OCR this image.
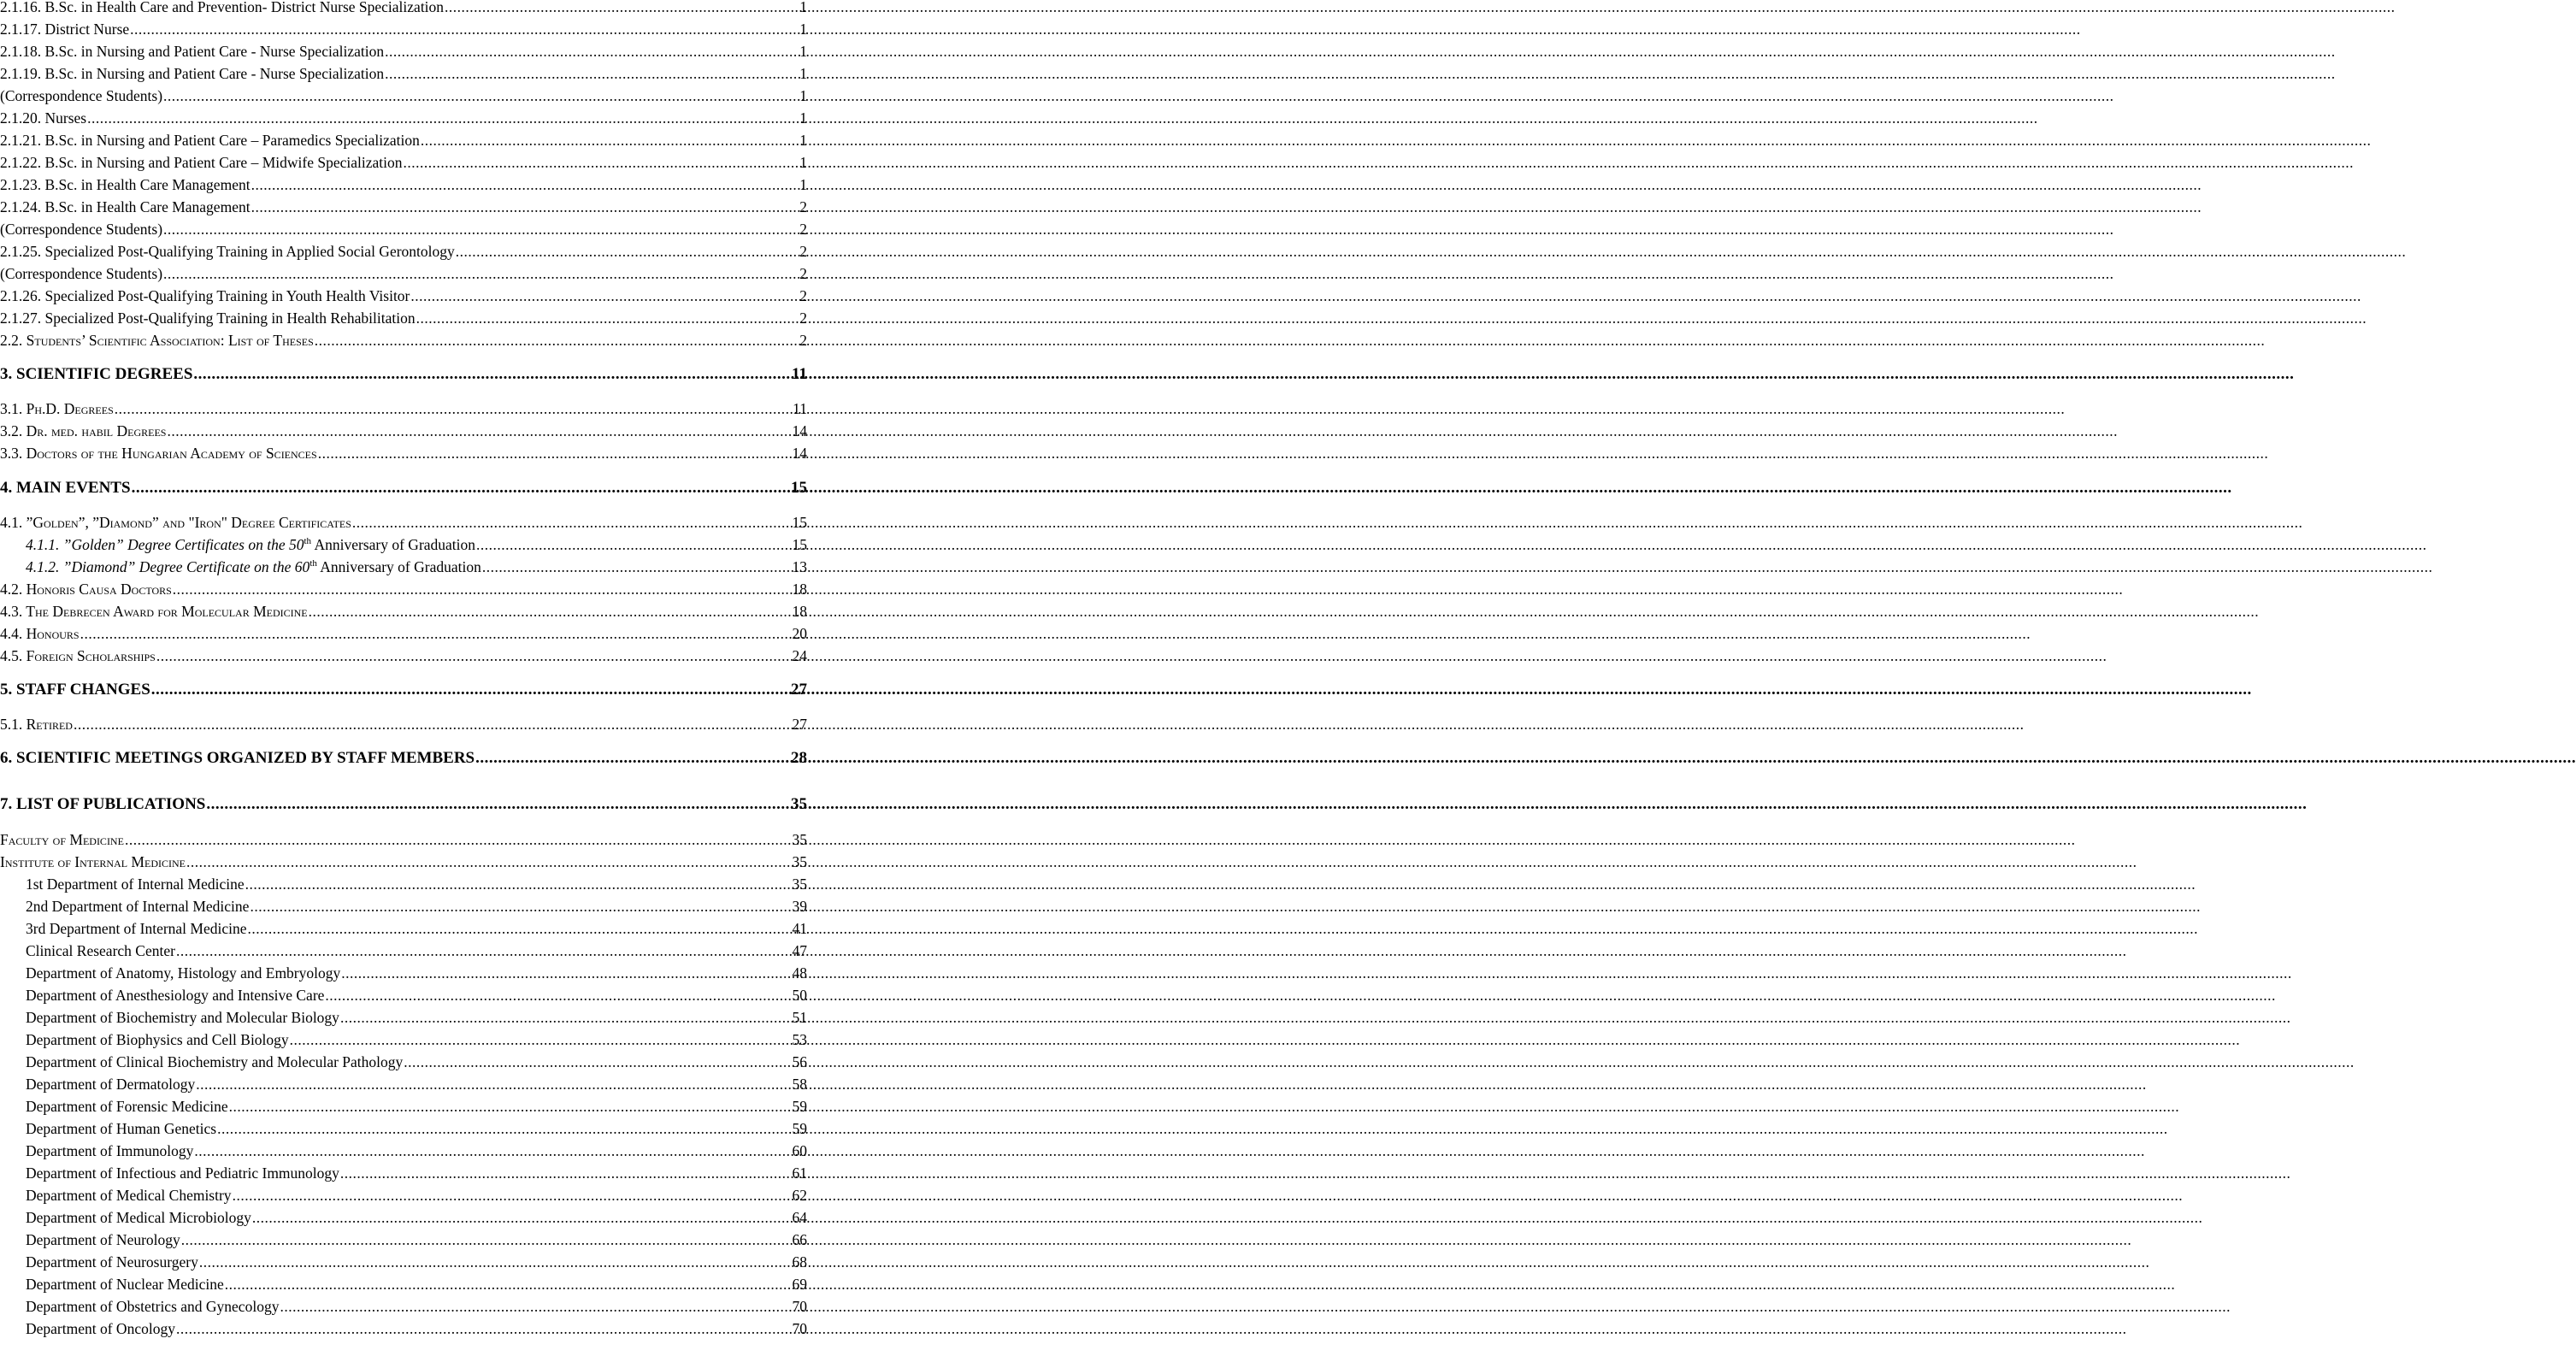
2.1.16. B.Sc. in Health Care and Prevention- District Nurse Specialization .....	1
2.1.17. District Nurse .....	1
2.1.18. B.Sc. in Nursing and Patient Care - Nurse Specialization .....	1
2.1.19. B.Sc. in Nursing and Patient Care - Nurse Specialization .....	1
(Correspondence Students) .....	1
2.1.20. Nurses .....	1
2.1.21. B.Sc. in Nursing and Patient Care – Paramedics Specialization .....	1
2.1.22. B.Sc. in Nursing and Patient Care – Midwife Specialization .....	1
2.1.23. B.Sc. in Health Care Management .....	1
2.1.24. B.Sc. in Health Care Management .....	2
(Correspondence Students) .....	2
2.1.25. Specialized Post-Qualifying Training in Applied Social Gerontology .....	2
(Correspondence Students) .....	2
2.1.26. Specialized Post-Qualifying Training in Youth Health Visitor .....	2
2.1.27. Specialized Post-Qualifying Training in Health Rehabilitation .....	2
2.2. Students’ Scientific Association: List of Theses .....	2
3. SCIENTIFIC DEGREES .....	11
3.1. Ph.D. Degrees .....	11
3.2. Dr. med. habil Degrees .....	14
3.3. Doctors of the Hungarian Academy of Sciences .....	14
4. MAIN EVENTS .....	15
4.1. ”Golden”, ”Diamond” and "Iron" Degree Certificates .....	15
4.1.1. ”Golden” Degree Certificates on the 50th Anniversary of Graduation .....	15
4.1.2. ”Diamond” Degree Certificate on the 60th Anniversary of Graduation .....	13
4.2. Honoris Causa Doctors .....	18
4.3. The Debrecen Award for Molecular Medicine .....	18
4.4. Honours .....	20
4.5. Foreign Scholarships .....	24
5. STAFF CHANGES .....	27
5.1. Retired .....	27
6. SCIENTIFIC MEETINGS ORGANIZED BY STAFF MEMBERS .....	28
7. LIST OF PUBLICATIONS .....	35
Faculty of Medicine .....	35
Institute of Internal Medicine .....	35
1st Department of Internal Medicine .....	35
2nd Department of Internal Medicine .....	39
3rd Department of Internal Medicine .....	41
Clinical Research Center .....	47
Department of Anatomy, Histology and Embryology .....	48
Department of Anesthesiology and Intensive Care .....	50
Department of Biochemistry and Molecular Biology .....	51
Department of Biophysics and Cell Biology .....	53
Department of Clinical Biochemistry and Molecular Pathology .....	56
Department of Dermatology .....	58
Department of Forensic Medicine .....	59
Department of Human Genetics .....	59
Department of Immunology .....	60
Department of Infectious and Pediatric Immunology .....	61
Department of Medical Chemistry .....	62
Department of Medical Microbiology .....	64
Department of Neurology .....	66
Department of Neurosurgery .....	68
Department of Nuclear Medicine .....	69
Department of Obstetrics and Gynecology .....	70
Department of Oncology .....	70
